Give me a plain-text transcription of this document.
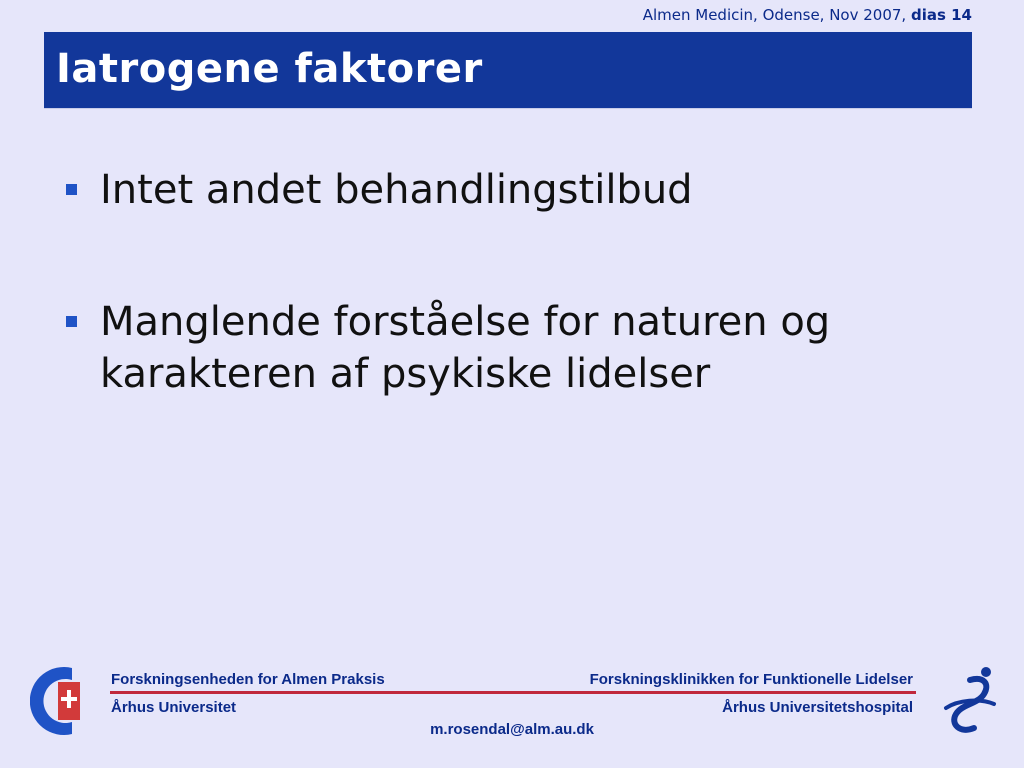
Almen Medicin, Odense, Nov 2007, dias 14
Iatrogene faktorer
Intet andet behandlingstilbud
Manglende forståelse for naturen og karakteren af psykiske lidelser
Forskningsenheden for Almen Praksis	Forskningsklinikken for Funktionelle Lidelser
Århus Universitet	Århus Universitetshospital
m.rosendal@alm.au.dk
